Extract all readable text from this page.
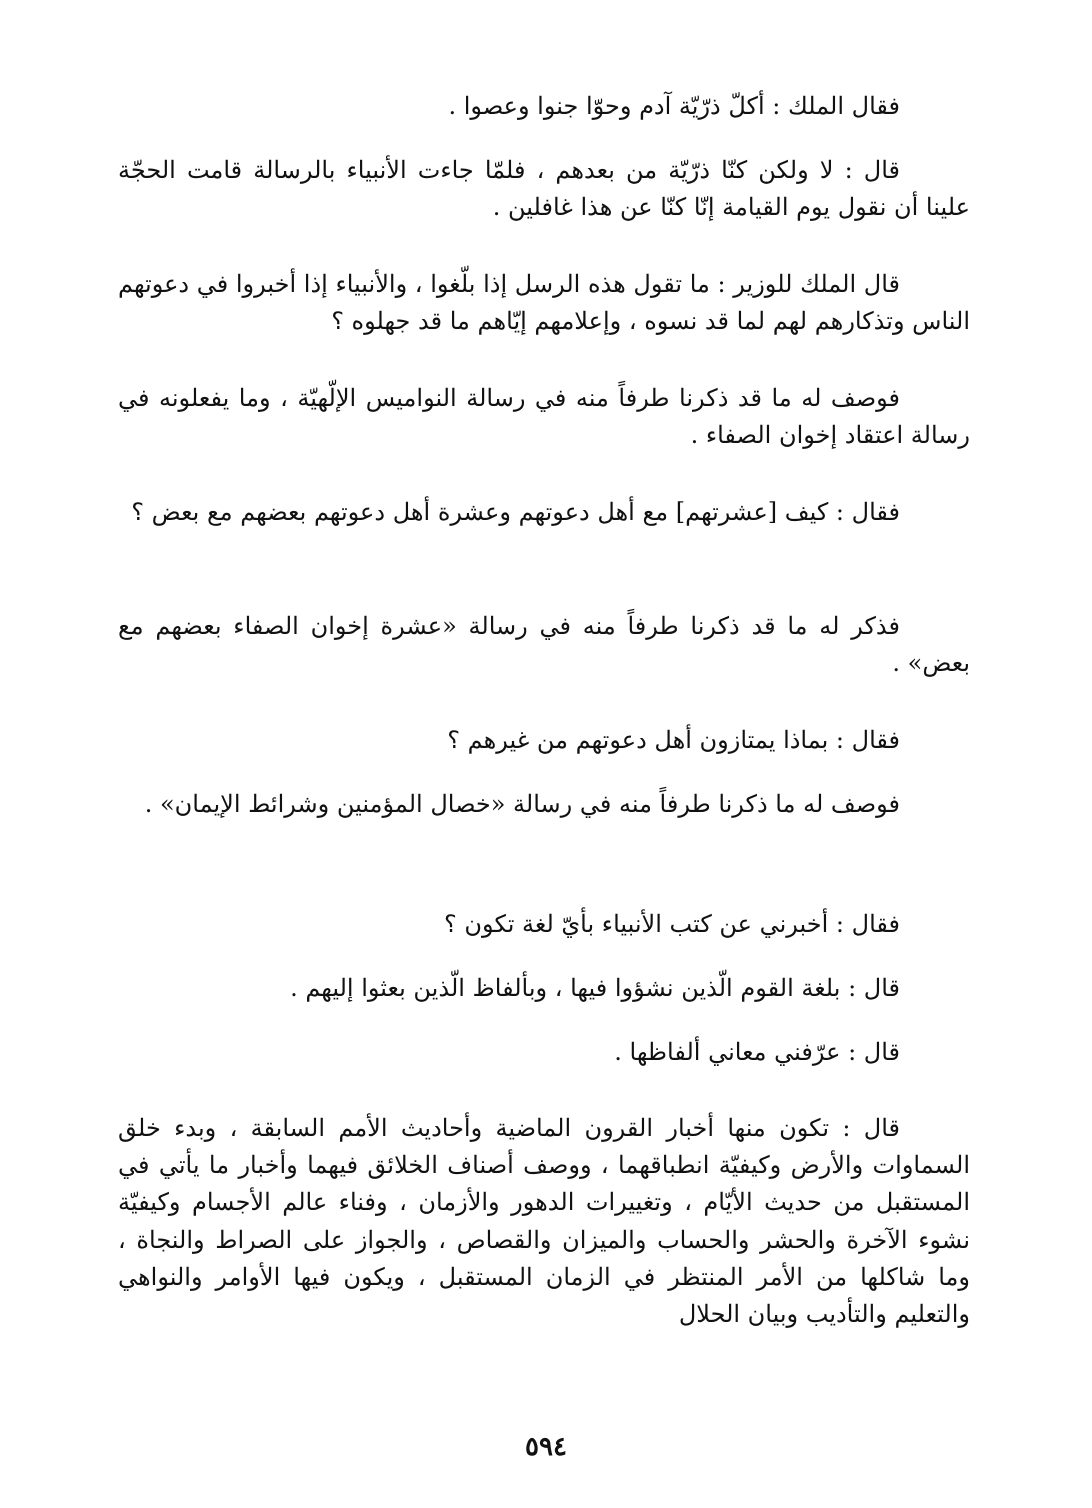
فقال الملك : أكلّ ذرّيّة آدم وحوّا جنوا وعصوا .

قال : لا ولكن كنّا ذرّيّة من بعدهم ، فلمّا جاءت الأنبياء بالرسالة قامت الحجّة علينا أن نقول يوم القيامة إنّا كنّا عن هذا غافلين .

قال الملك للوزير : ما تقول هذه الرسل إذا بلّغوا ، والأنبياء إذا أخبروا في دعوتهم الناس وتذكارهم لهم لما قد نسوه ، وإعلامهم إيّاهم ما قد جهلوه ؟

فوصف له ما قد ذكرنا طرفاً منه في رسالة النواميس الإلّهيّة ، وما يفعلونه في رسالة اعتقاد إخوان الصفاء .

فقال : كيف [عشرتهم] مع أهل دعوتهم وعشرة أهل دعوتهم بعضهم مع بعض ؟

فذكر له ما قد ذكرنا طرفاً منه في رسالة «عشرة إخوان الصفاء بعضهم مع بعض» .

فقال : بماذا يمتازون أهل دعوتهم من غيرهم ؟

فوصف له ما ذكرنا طرفاً منه في رسالة «خصال المؤمنين وشرائط الإيمان» .

فقال : أخبرني عن كتب الأنبياء بأيّ لغة تكون ؟

قال : بلغة القوم الّذين نشؤوا فيها ، وبألفاظ الّذين بعثوا إليهم .

قال : عرّفني معاني ألفاظها .

قال : تكون منها أخبار القرون الماضية وأحاديث الأمم السابقة ، وبدء خلق السماوات والأرض وكيفيّة انطباقهما ، ووصف أصناف الخلائق فيهما وأخبار ما يأتي في المستقبل من حديث الأيّام ، وتغييرات الدهور والأزمان ، وفناء عالم الأجسام وكيفيّة نشوء الآخرة والحشر والحساب والميزان والقصاص ، والجواز على الصراط والنجاة ، وما شاكلها من الأمر المنتظر في الزمان المستقبل ، ويكون فيها الأوامر والنواهي والتعليم والتأديب وبيان الحلال

٥٩٤
